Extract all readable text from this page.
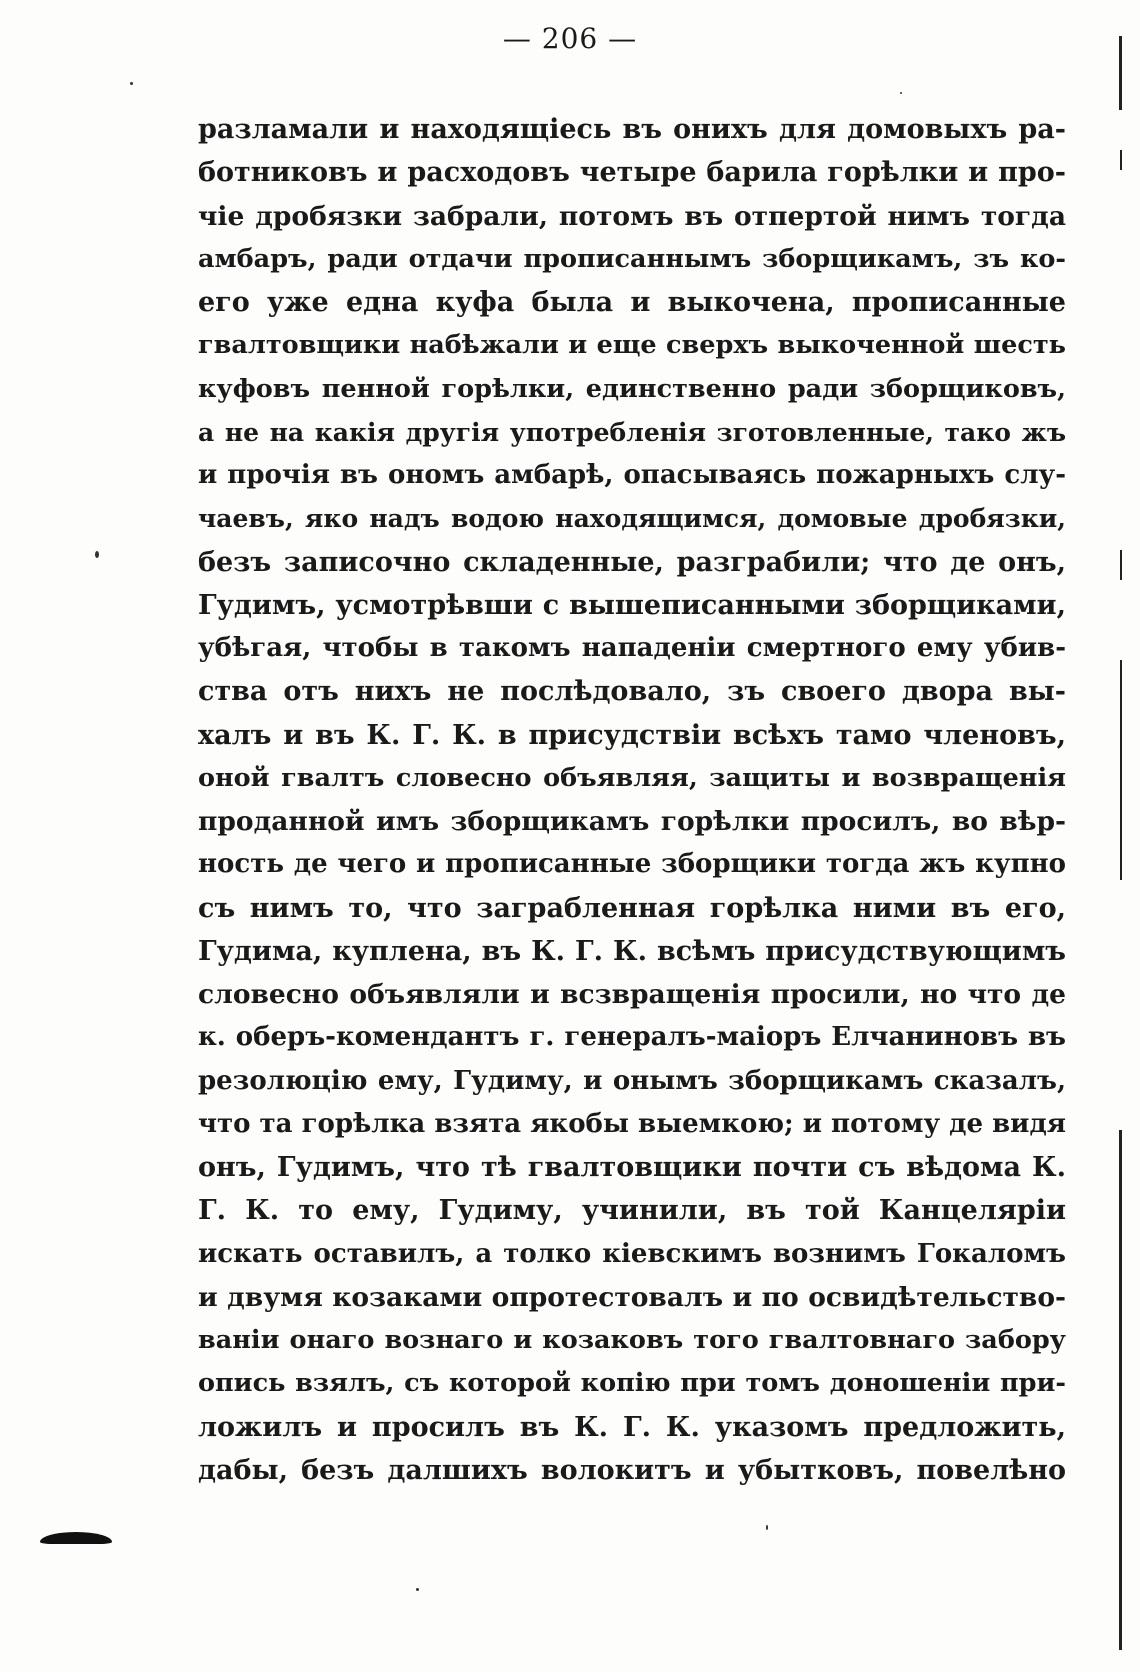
— 206 —
разламали и находящіесь въ онихъ для домовыхъ ра-
ботниковъ и расходовъ четыре барила горѣлки и про-
чіе дробязки забрали, потомъ въ отпертой нимъ тогда
амбаръ, ради отдачи прописаннымъ зборщикамъ, зъ ко-
его уже една куфа была и выкочена, прописанные
гвалтовщики набѣжали и еще сверхъ выкоченной шесть
куфовъ пенной горѣлки, единственно ради зборщиковъ,
а не на какія другія употребленія зготовленные, тако жъ
и прочія въ ономъ амбарѣ, опасываясь пожарныхъ слу-
чаевъ, яко надъ водою находящимся, домовые дробязки,
безъ записочно складенные, разграбили; что де онъ,
Гудимъ, усмотрѣвши с вышеписанными зборщиками,
убѣгая, чтобы в такомъ нападеніи смертного ему убив-
ства отъ нихъ не послѣдовало, зъ своего двора вы-
халъ и въ К. Г. К. в присудствіи всѣхъ тамо членовъ,
оной гвалтъ словесно объявляя, защиты и возвращенія
проданной имъ зборщикамъ горѣлки просилъ, во вѣр-
ность де чего и прописанные зборщики тогда жъ купно
съ нимъ то, что заграбленная горѣлка ними въ его,
Гудима, куплена, въ К. Г. К. всѣмъ присудствующимъ
словесно объявляли и всзвращенія просили, но что де
к. оберъ-комендантъ г. генералъ-маіоръ Елчаниновъ въ
резолюцію ему, Гудиму, и онымъ зборщикамъ сказалъ,
что та горѣлка взята якобы выемкою; и потому де видя
онъ, Гудимъ, что тѣ гвалтовщики почти съ вѣдома К.
Г. К. то ему, Гудиму, учинили, въ той Канцеляріи
искать оставилъ, а толко кіевскимъ вознимъ Гокаломъ
и двумя козаками опротестовалъ и по освидѣтельство-
ваніи онаго вознаго и козаковъ того гвалтовнаго забору
опись взялъ, съ которой копію при томъ доношеніи при-
ложилъ и просилъ въ К. Г. К. указомъ предложить,
дабы, безъ далшихъ волокитъ и убытковъ, повелѣно
